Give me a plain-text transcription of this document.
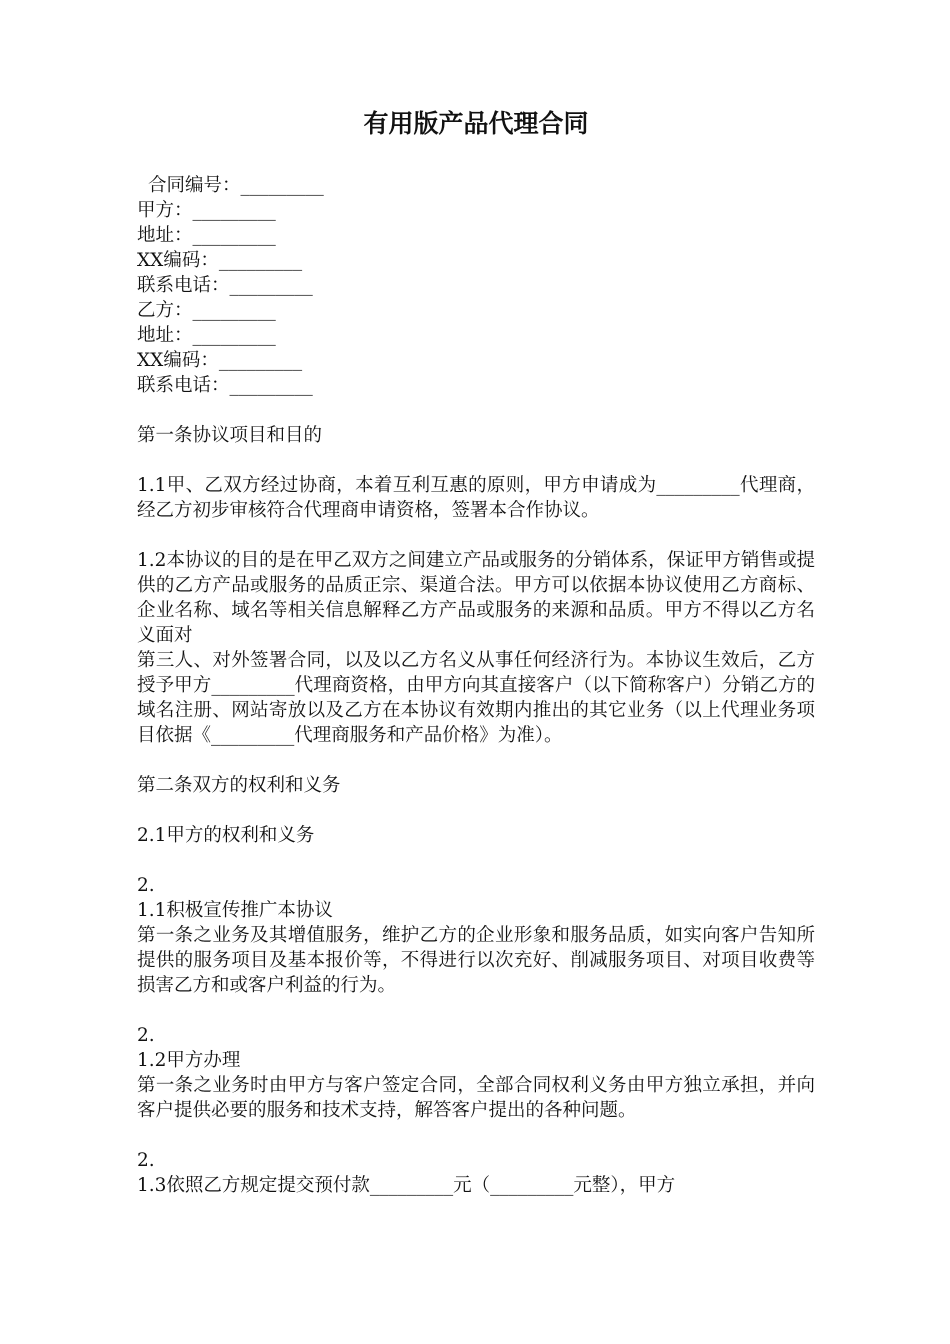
有用版产品代理合同
合同编号：_________
甲方：_________
地址：_________
XX编码：_________
联系电话：_________
乙方：_________
地址：_________
XX编码：_________
联系电话：_________

第一条协议项目和目的

1.1甲、乙双方经过协商，本着互利互惠的原则，甲方申请成为_________代理商，经乙方初步审核符合代理商申请资格，签署本合作协议。

1.2本协议的目的是在甲乙双方之间建立产品或服务的分销体系，保证甲方销售或提供的乙方产品或服务的品质正宗、渠道合法。甲方可以依据本协议使用乙方商标、企业名称、域名等相关信息解释乙方产品或服务的来源和品质。甲方不得以乙方名义面对

第三人、对外签署合同，以及以乙方名义从事任何经济行为。本协议生效后，乙方授予甲方_________代理商资格，由甲方向其直接客户（以下简称客户）分销乙方的域名注册、网站寄放以及乙方在本协议有效期内推出的其它业务（以上代理业务项目依据《_________代理商服务和产品价格》为准）。

第二条双方的权利和义务

2.1甲方的权利和义务

2.

1.1积极宣传推广本协议

第一条之业务及其增值服务，维护乙方的企业形象和服务品质，如实向客户告知所提供的服务项目及基本报价等，不得进行以次充好、削减服务项目、对项目收费等损害乙方和或客户利益的行为。

2.

1.2甲方办理

第一条之业务时由甲方与客户签定合同，全部合同权利义务由甲方独立承担，并向客户提供必要的服务和技术支持，解答客户提出的各种问题。

2.

1.3依照乙方规定提交预付款_________元（_________元整），甲方
